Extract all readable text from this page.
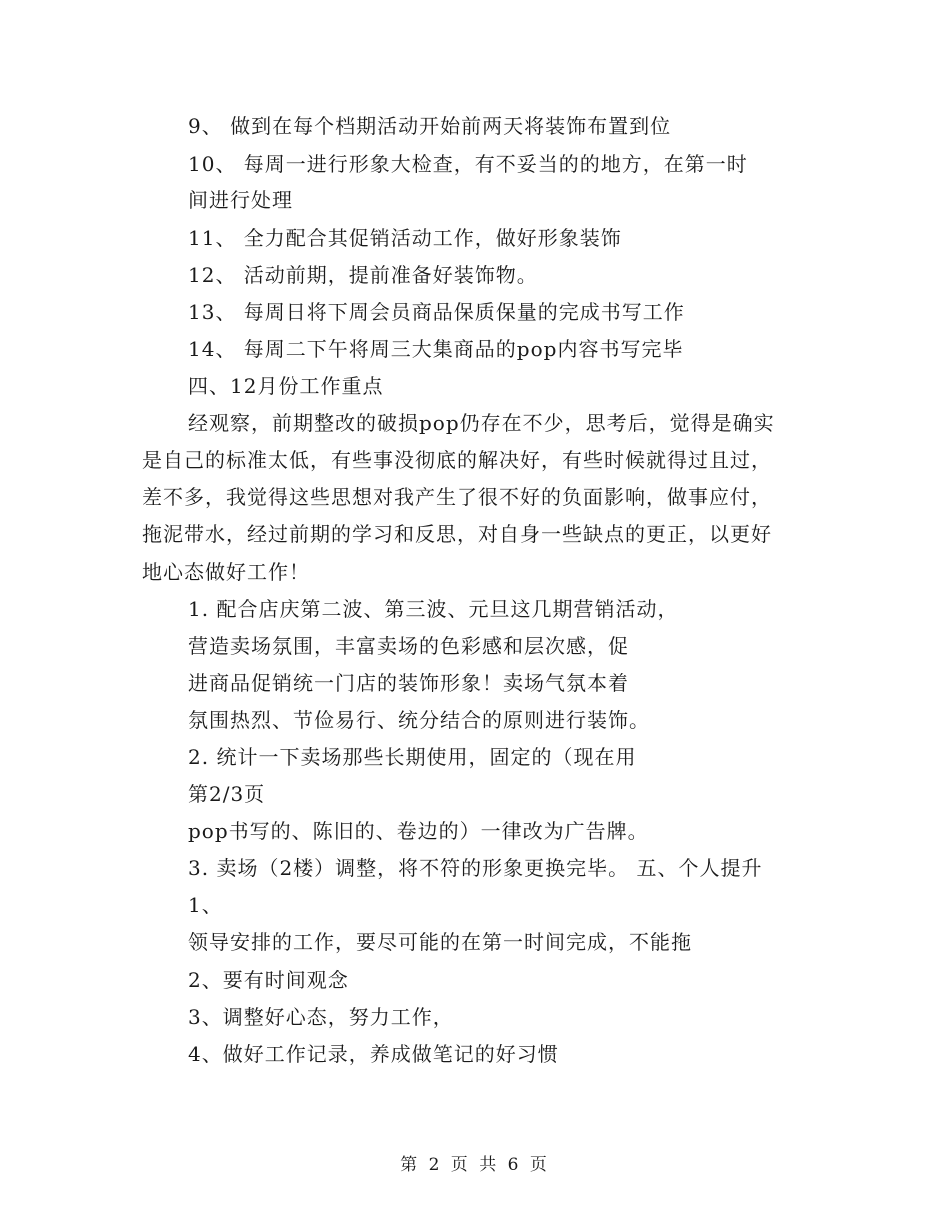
9、 做到在每个档期活动开始前两天将装饰布置到位
10、 每周一进行形象大检查，有不妥当的的地方，在第一时
间进行处理
11、 全力配合其促销活动工作，做好形象装饰
12、 活动前期，提前准备好装饰物。
13、 每周日将下周会员商品保质保量的完成书写工作
14、 每周二下午将周三大集商品的pop内容书写完毕
四、12月份工作重点
经观察，前期整改的破损pop仍存在不少，思考后，觉得是确实
是自己的标准太低，有些事没彻底的解决好，有些时候就得过且过，
差不多，我觉得这些思想对我产生了很不好的负面影响，做事应付，
拖泥带水，经过前期的学习和反思，对自身一些缺点的更正，以更好
地心态做好工作！
1. 配合店庆第二波、第三波、元旦这几期营销活动，
营造卖场氛围，丰富卖场的色彩感和层次感，促
进商品促销统一门店的装饰形象！卖场气氛本着
氛围热烈、节俭易行、统分结合的原则进行装饰。
2. 统计一下卖场那些长期使用，固定的（现在用
第2/3页
pop书写的、陈旧的、卷边的）一律改为广告牌。
3. 卖场（2楼）调整，将不符的形象更换完毕。 五、个人提升
1、
领导安排的工作，要尽可能的在第一时间完成，不能拖
2、要有时间观念
3、调整好心态，努力工作，
4、做好工作记录，养成做笔记的好习惯
第 2 页 共 6 页
